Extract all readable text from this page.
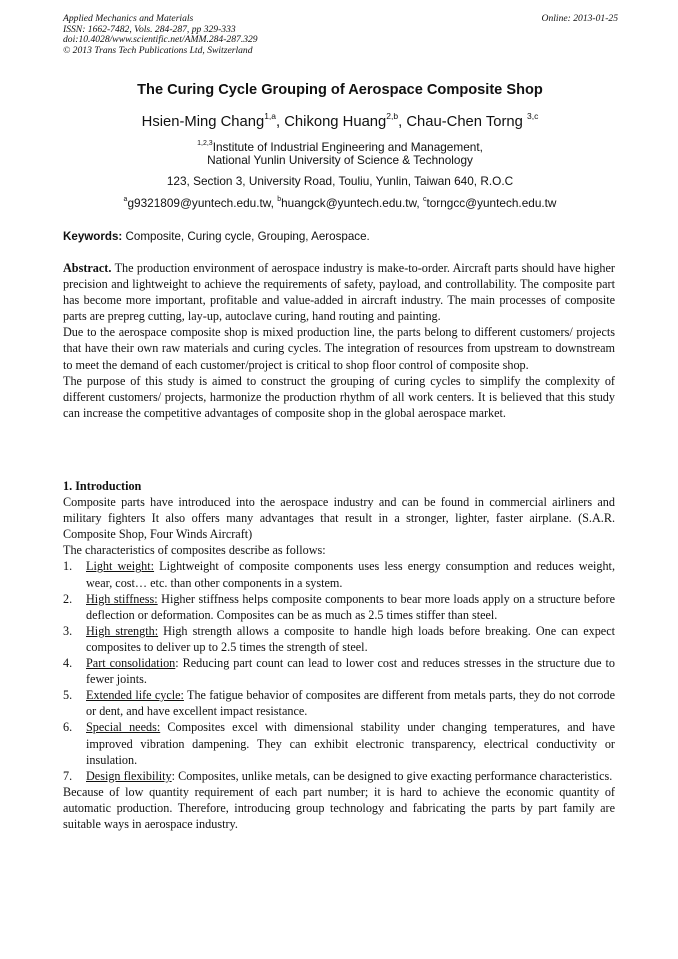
Applied Mechanics and Materials
ISSN: 1662-7482, Vols. 284-287, pp 329-333
doi:10.4028/www.scientific.net/AMM.284-287.329
© 2013 Trans Tech Publications Ltd, Switzerland
Online: 2013-01-25
The Curing Cycle Grouping of Aerospace Composite Shop
Hsien-Ming Chang$^{1,a}$, Chikong Huang$^{2,b}$, Chau-Chen Torng $^{3,c}$
$^{1,2,3}$Institute of Industrial Engineering and Management,
National Yunlin University of Science & Technology
123, Section 3, University Road, Touliu, Yunlin, Taiwan 640, R.O.C
$^a$g9321809@yuntech.edu.tw, $^b$huangck@yuntech.edu.tw, $^c$torngcc@yuntech.edu.tw
Keywords: Composite, Curing cycle, Grouping, Aerospace.

Abstract. The production environment of aerospace industry is make-to-order. Aircraft parts should have higher precision and lightweight to achieve the requirements of safety, payload, and controllability. The composite part has become more important, profitable and value-added in aircraft industry. The main processes of composite parts are prepreg cutting, lay-up, autoclave curing, hand routing and painting.

Due to the aerospace composite shop is mixed production line, the parts belong to different customers/ projects that have their own raw materials and curing cycles. The integration of resources from upstream to downstream to meet the demand of each customer/project is critical to shop floor control of composite shop.

The purpose of this study is aimed to construct the grouping of curing cycles to simplify the complexity of different customers/ projects, harmonize the production rhythm of all work centers. It is believed that this study can increase the competitive advantages of composite shop in the global aerospace market.

1. Introduction

Composite parts have introduced into the aerospace industry and can be found in commercial airliners and military fighters It also offers many advantages that result in a stronger, lighter, faster airplane. (S.A.R. Composite Shop, Four Winds Aircraft)

The characteristics of composites describe as follows:

1. Light weight: Lightweight of composite components uses less energy consumption and reduces weight, wear, cost… etc. than other components in a system.
2. High stiffness: Higher stiffness helps composite components to bear more loads apply on a structure before deflection or deformation. Composites can be as much as 2.5 times stiffer than steel.
3. High strength: High strength allows a composite to handle high loads before breaking. One can expect composites to deliver up to 2.5 times the strength of steel.
4. Part consolidation: Reducing part count can lead to lower cost and reduces stresses in the structure due to fewer joints.
5. Extended life cycle: The fatigue behavior of composites are different from metals parts, they do not corrode or dent, and have excellent impact resistance.
6. Special needs: Composites excel with dimensional stability under changing temperatures, and have improved vibration dampening. They can exhibit electronic transparency, electrical conductivity or insulation.
7. Design flexibility: Composites, unlike metals, can be designed to give exacting performance characteristics.

Because of low quantity requirement of each part number; it is hard to achieve the economic quantity of automatic production. Therefore, introducing group technology and fabricating the parts by part family are suitable ways in aerospace industry.
